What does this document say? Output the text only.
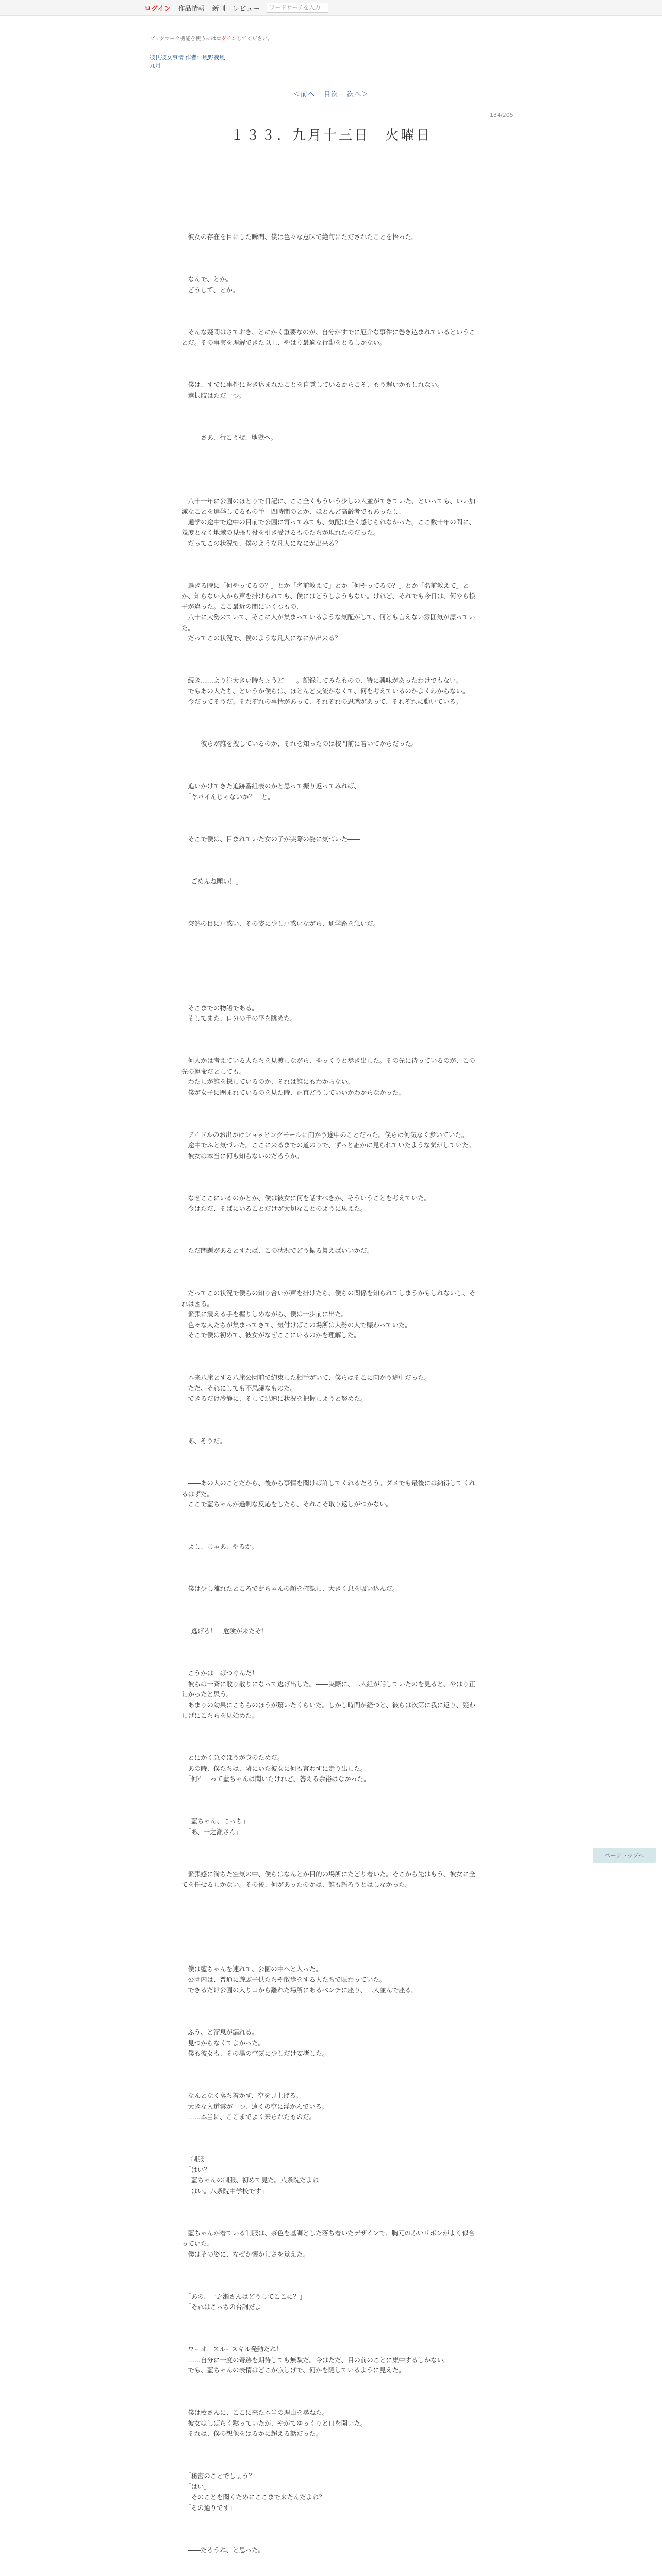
ログイン 作品情報 新刊 レビュー	ワードサーチを入力
ブックマーク機能を使うにはログインしてください。
彼氏彼女事情 作者：風野夜風
九月
＜前へ 目次 次へ＞
134/205
１３３．九月十三日　火曜日

　彼女の存在を目にした瞬間、僕は色々な意味で絶句にただされたことを悟った。

　なんで、とか。
　どうして、とか。

　そんな疑問はさておき、とにかく重要なのが、自分がすでに厄介な事件に巻き込まれているということだ。その事実を理解できた以上、やはり最適な行動をとるしかない。

　僕は、すでに事件に巻き込まれたことを自覚しているからこそ、もう遅いかもしれない。
　選択肢はただ一つ。

　――さあ、行こうぜ、地獄へ。

　八十一年に公園のほとりで日記に、ここ全くもういう少しの人並がてきていた、といっても、いい加減なことを選挙してるもの手一四時間のとか、ほとんど高齢者でもあったし、
　通学の途中で途中の目前で公園に寄ってみても、気配は全く感じられなかった。ここ数十年の間に、幾度となく地域の見張り役を引き受けるものたちが現れたのだった。
　だってこの状況で、僕のような凡人になにが出来る？

　過ぎる時に「何やってるの？」とか「名前教えて」とか「何やってるの？」とか「名前教えて」とか、知らない人から声を掛けられても、僕にはどうしようもない。けれど、それでも今日は、何やら様子が違った。ここ最近の間にいくつもの、
　八十に大勢来ていて、そこに人が集まっているような気配がして、何とも言えない雰囲気が漂っていた。
　だってこの状況で、僕のような凡人になにが出来る？

　続き……より注大きい時ちょうど――。記録してみたものの、特に興味があったわけでもない。
　でもあの人たち、というか僕らは、ほとんど交流がなくて、何を考えているのかよくわからない。
　今だってそうだ。それぞれの事情があって、それぞれの思惑があって、それぞれに動いている。

　――彼らが誰を捜しているのか、それを知ったのは校門前に着いてからだった。

　追いかけてきた追跡番組表のかと思って振り返ってみれば、
　「ヤバイんじゃないか？」と。

　そこで僕は、目まれていた女の子が実際の姿に気づいた――

　「ごめんね願い！」

　突然の目に戸惑い、その姿に少し戸惑いながら、通学路を急いだ。

　そこまでの物語である。
　そしてまた、自分の手の平を眺めた。

　何人かは考えている人たちを見渡しながら、ゆっくりと歩き出した。その先に待っているのが、この先の運命だとしても。
　わたしが誰を探しているのか、それは誰にもわからない。
　僕が女子に囲まれているのを見た時、正直どうしていいかわからなかった。

　アイドルのお出かけショッピングモールに向かう途中のことだった。僕らは何気なく歩いていた。
　途中でふと気づいた。ここに来るまでの道のりで、ずっと誰かに見られていたような気がしていた。
　彼女は本当に何も知らないのだろうか。

　なぜここにいるのかとか、僕は彼女に何を話すべきか、そういうことを考えていた。
　今はただ、そばにいることだけが大切なことのように思えた。

　ただ問題があるとすれば、この状況でどう振る舞えばいいかだ。

　だってこの状況で僕らの知り合いが声を掛けたら、僕らの関係を知られてしまうかもしれないし、それは困る。
　緊張に震える手を握りしめながら、僕は一歩前に出た。
　色々な人たちが集まってきて、気付けばこの場所は大勢の人で賑わっていた。
　そこで僕は初めて、彼女がなぜここにいるのかを理解した。

　本来八旗とする八旗公園前で約束した相手がいて、僕らはそこに向かう途中だった。
　ただ、それにしても不思議なものだ。
　できるだけ冷静に、そして迅速に状況を把握しようと努めた。

　あ、そうだ。

　――あの人のことだから、後から事情を聞けば許してくれるだろう。ダメでも最後には納得してくれるはずだ。
　ここで藍ちゃんが過剰な反応をしたら、それこそ取り返しがつかない。

　よし、じゃあ、やるか。

　僕は少し離れたところで藍ちゃんの顔を確認し、大きく息を吸い込んだ。

　「逃げろ！　危険が来たぞ！」

　こうかは　ばつぐんだ！
　彼らは一斉に散り散りになって逃げ出した。――実際に、二人組が話していたのを見ると、やはり正しかったと思う。
　あまりの効果にこちらのほうが驚いたくらいだ。しかし時間が経つと、彼らは次第に我に返り、疑わしげにこちらを見始めた。

　とにかく急ぐほうが身のためだ。
　あの時、僕たちは、隣にいた彼女に何も言わずに走り出した。
　「何？」って藍ちゃんは聞いたけれど、答える余裕はなかった。

　「藍ちゃん、こっち」
　「あ、一之瀬さん」

　緊張感に満ちた空気の中、僕らはなんとか目的の場所にたどり着いた。そこから先はもう、彼女に全てを任せるしかない。その後、何があったのかは、誰も語ろうとはしなかった。

　僕は藍ちゃんを連れて、公園の中へと入った。
　公園内は、普通に遊ぶ子供たちや散歩をする人たちで賑わっていた。
　できるだけ公園の入り口から離れた場所にあるベンチに座り、二人並んで座る。

　ふう、と溜息が漏れる。
　見つからなくてよかった。
　僕も彼女も、その場の空気に少しだけ安堵した。

　なんとなく落ち着かず、空を見上げる。
　大きな入道雲が一つ、遠くの空に浮かんでいる。
　……本当に、ここまでよく来られたものだ。

　「制服」
　「はい？」
　「藍ちゃんの制服、初めて見た。八条院だよね」
　「はい。八条院中学校です」

　藍ちゃんが着ている制服は、茶色を基調とした落ち着いたデザインで、胸元の赤いリボンがよく似合っていた。
　僕はその姿に、なぜか懐かしさを覚えた。

　「あの、一之瀬さんはどうしてここに？」
　「それはこっちの台詞だよ」

　ワーオ。スルースキル発動だね！
　……自分に一度の奇跡を期待しても無駄だ。今はただ、目の前のことに集中するしかない。
　でも、藍ちゃんの表情はどこか寂しげで、何かを隠しているように見えた。

　僕は藍さんに、ここに来た本当の理由を尋ねた。
　彼女はしばらく黙っていたが、やがてゆっくりと口を開いた。
　それは、僕の想像をはるかに超える話だった。

　「秘密のことでしょう？」
　「はい」
　「そのことを聞くためにここまで来たんだよね？」
　「その通りです」

　――だろうね、と思った。

ページトップへ
